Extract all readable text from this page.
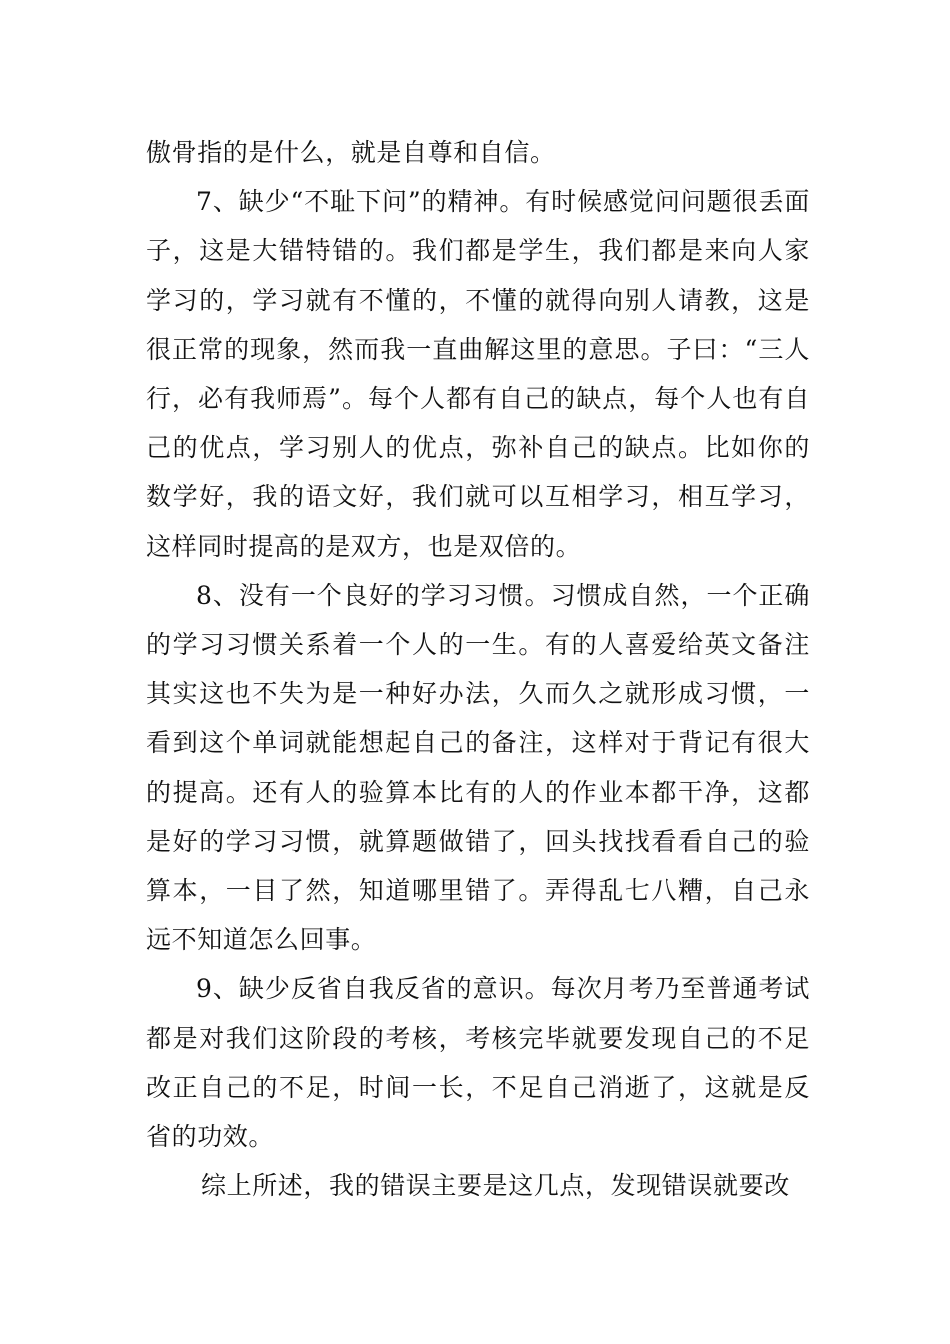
傲骨指的是什么，就是自尊和自信。

7、缺少“不耻下问”的精神。有时候感觉问问题很丢面子，这是大错特错的。我们都是学生，我们都是来向人家学习的，学习就有不懂的，不懂的就得向别人请教，这是很正常的现象，然而我一直曲解这里的意思。子曰：“三人行，必有我师焉”。每个人都有自己的缺点，每个人也有自己的优点，学习别人的优点，弥补自己的缺点。比如你的数学好，我的语文好，我们就可以互相学习，相互学习，这样同时提高的是双方，也是双倍的。

8、没有一个良好的学习习惯。习惯成自然，一个正确的学习习惯关系着一个人的一生。有的人喜爱给英文备注其实这也不失为是一种好办法，久而久之就形成习惯，一看到这个单词就能想起自己的备注，这样对于背记有很大的提高。还有人的验算本比有的人的作业本都干净，这都是好的学习习惯，就算题做错了，回头找找看看自己的验算本，一目了然，知道哪里错了。弄得乱七八糟，自己永远不知道怎么回事。

9、缺少反省自我反省的意识。每次月考乃至普通考试都是对我们这阶段的考核，考核完毕就要发现自己的不足改正自己的不足，时间一长，不足自己消逝了，这就是反省的功效。

综上所述，我的错误主要是这几点，发现错误就要改
